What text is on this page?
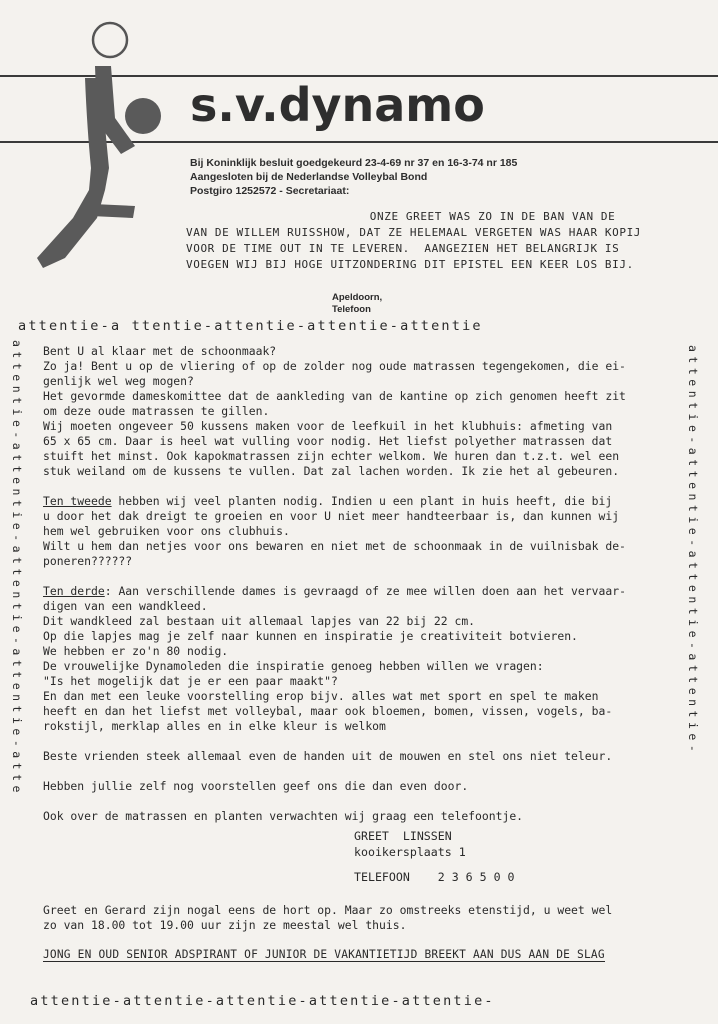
s.v.dynamo
Bij Koninklijk besluit goedgekeurd 23-4-69 nr 37 en 16-3-74 nr 185
Aangesloten bij de Nederlandse Volleybal Bond
Postgiro 1252572 - Secretariaat:
ONZE GREET WAS ZO IN DE BAN VAN DE
VAN DE WILLEM RUISSHOW, DAT ZE HELEMAAL VERGETEN WAS HAAR KOPIJ
VOOR DE TIME OUT IN TE LEVEREN.  AANGEZIEN HET BELANGRIJK IS
VOEGEN WIJ BIJ HOGE UITZONDERING DIT EPISTEL EEN KEER LOS BIJ.
Apeldoorn,
Telefoon
attentie-a ttentie-attentie-attentie-attentie
attentie-attentie-attentie-attentie-atte	attentie-attentie-attentie-attentie-
attentie-attentie-attentie-attentie-attentie-
Bent U al klaar met de schoonmaak?
Zo ja! Bent u op de vliering of op de zolder nog oude matrassen tegengekomen, die ei-
genlijk wel weg mogen?
Het gevormde dameskomittee dat de aankleding van de kantine op zich genomen heeft zit
om deze oude matrassen te gillen.
Wij moeten ongeveer 50 kussens maken voor de leefkuil in het klubhuis: afmeting van
65 x 65 cm. Daar is heel wat vulling voor nodig. Het liefst polyether matrassen dat
stuift het minst. Ook kapokmatrassen zijn echter welkom. We huren dan t.z.t. wel een
stuk weiland om de kussens te vullen. Dat zal lachen worden. Ik zie het al gebeuren.
Ten tweede hebben wij veel planten nodig. Indien u een plant in huis heeft, die bij
u door het dak dreigt te groeien en voor U niet meer handteerbaar is, dan kunnen wij
hem wel gebruiken voor ons clubhuis.
Wilt u hem dan netjes voor ons bewaren en niet met de schoonmaak in de vuilnisbak de-
poneren??????
Ten derde: Aan verschillende dames is gevraagd of ze mee willen doen aan het vervaar-
digen van een wandkleed.
Dit wandkleed zal bestaan uit allemaal lapjes van 22 bij 22 cm.
Op die lapjes mag je zelf naar kunnen en inspiratie je creativiteit botvieren.
We hebben er zo'n 80 nodig.
De vrouwelijke Dynamoleden die inspiratie genoeg hebben willen we vragen:
"Is het mogelijk dat je er een paar maakt"?
En dan met een leuke voorstelling erop bijv. alles wat met sport en spel te maken
heeft en dan het liefst met volleybal, maar ook bloemen, bomen, vissen, vogels, ba-
rokstijl, merklap alles en in elke kleur is welkom
Beste vrienden steek allemaal even de handen uit de mouwen en stel ons niet teleur.
Hebben jullie zelf nog voorstellen geef ons die dan even door.
Ook over de matrassen en planten verwachten wij graag een telefoontje.
GREET  LINSSEN
kooikersplaats 1
TELEFOON    2 3 6 5 0 0
Greet en Gerard zijn nogal eens de hort op. Maar zo omstreeks etenstijd, u weet wel
zo van 18.00 tot 19.00 uur zijn ze meestal wel thuis.
JONG EN OUD SENIOR ADSPIRANT OF JUNIOR DE VAKANTIETIJD BREEKT AAN DUS AAN DE SLAG
